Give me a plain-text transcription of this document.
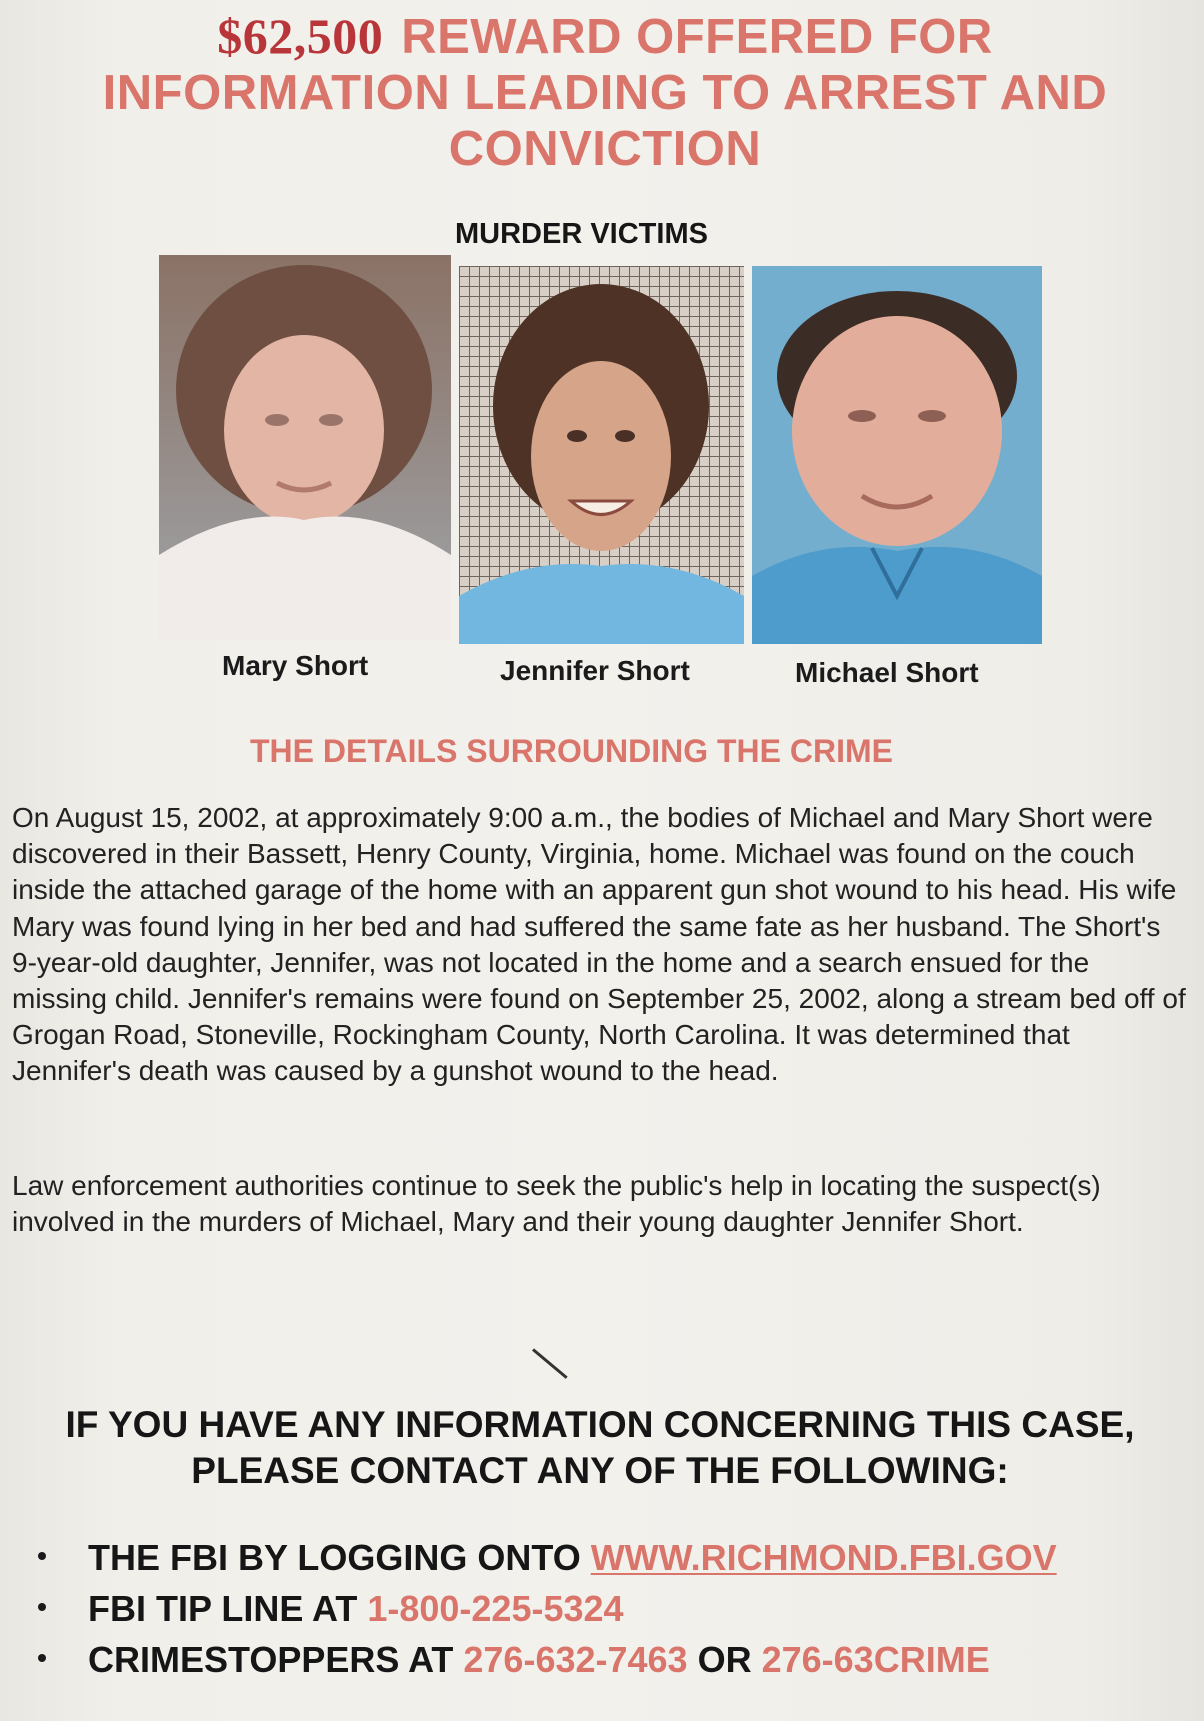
$62,500 REWARD OFFERED FOR INFORMATION LEADING TO ARREST AND CONVICTION
MURDER VICTIMS
Mary Short	Jennifer Short	Michael Short
THE DETAILS SURROUNDING THE CRIME

On August 15, 2002, at approximately 9:00 a.m., the bodies of Michael and Mary Short were discovered in their Bassett, Henry County, Virginia, home. Michael was found on the couch inside the attached garage of the home with an apparent gun shot wound to his head. His wife Mary was found lying in her bed and had suffered the same fate as her husband. The Short's 9-year-old daughter, Jennifer, was not located in the home and a search ensued for the missing child. Jennifer's remains were found on September 25, 2002, along a stream bed off of Grogan Road, Stoneville, Rockingham County, North Carolina. It was determined that Jennifer's death was caused by a gunshot wound to the head.

Law enforcement authorities continue to seek the public's help in locating the suspect(s) involved in the murders of Michael, Mary and their young daughter Jennifer Short.

IF YOU HAVE ANY INFORMATION CONCERNING THIS CASE,
PLEASE CONTACT ANY OF THE FOLLOWING:
THE FBI BY LOGGING ONTO WWW.RICHMOND.FBI.GOV
FBI TIP LINE AT 1-800-225-5324
CRIMESTOPPERS AT 276-632-7463 OR 276-63CRIME
